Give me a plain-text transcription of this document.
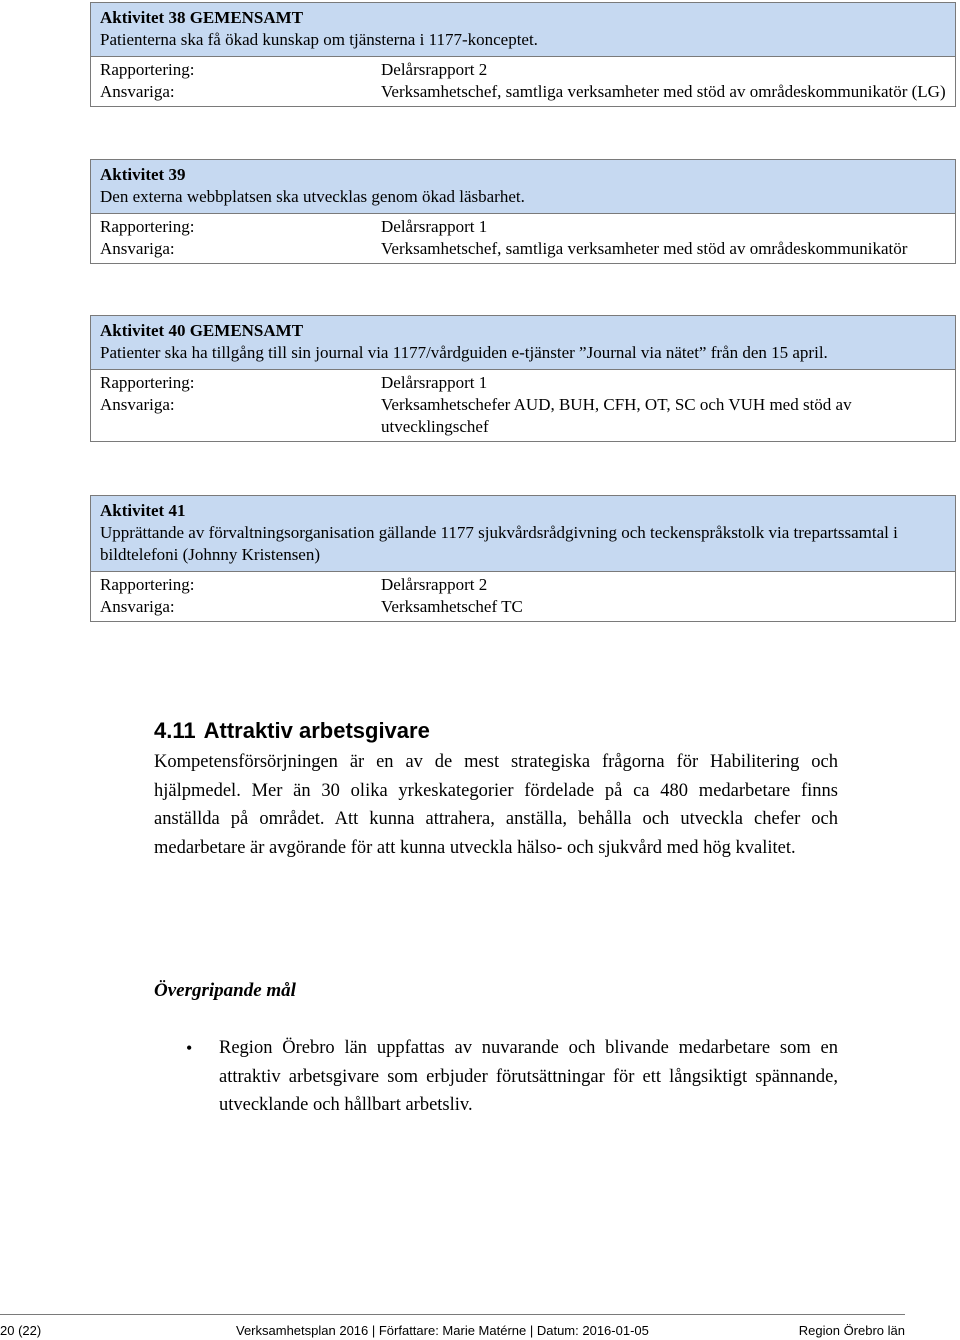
Aktivitet 38 GEMENSAMT
Patienterna ska få ökad kunskap om tjänsterna i 1177-konceptet.
Rapportering:	Delårsrapport 2
Ansvariga:	Verksamhetschef, samtliga verksamheter med stöd av områdeskommunikatör (LG)
Aktivitet 39
Den externa webbplatsen ska utvecklas genom ökad läsbarhet.
Rapportering:	Delårsrapport 1
Ansvariga:	Verksamhetschef, samtliga verksamheter med stöd av områdeskommunikatör
Aktivitet 40 GEMENSAMT
Patienter ska ha tillgång till sin journal via 1177/vårdguiden e-tjänster ”Journal via nätet” från den 15 april.
Rapportering:	Delårsrapport 1
Ansvariga:	Verksamhetschefer AUD, BUH, CFH, OT, SC och VUH med stöd av utvecklingschef
Aktivitet 41
Upprättande av förvaltningsorganisation gällande 1177 sjukvårdsrådgivning och teckenspråkstolk via trepartssamtal i bildtelefoni (Johnny Kristensen)
Rapportering:	Delårsrapport 2
Ansvariga:	Verksamhetschef TC
4.11 Attraktiv arbetsgivare

Kompetensförsörjningen är en av de mest strategiska frågorna för Habilitering och hjälpmedel. Mer än 30 olika yrkeskategorier fördelade på ca 480 medarbetare finns anställda på området. Att kunna attrahera, anställa, behålla och utveckla chefer och medarbetare är avgörande för att kunna utveckla hälso- och sjukvård med hög kvalitet.

Övergripande mål
•	Region Örebro län uppfattas av nuvarande och blivande medarbetare som en attraktiv arbetsgivare som erbjuder förutsättningar för ett långsiktigt spännande, utvecklande och hållbart arbetsliv.
20 (22)	Verksamhetsplan 2016 | Författare: Marie Matérne | Datum: 2016-01-05	Region Örebro län
